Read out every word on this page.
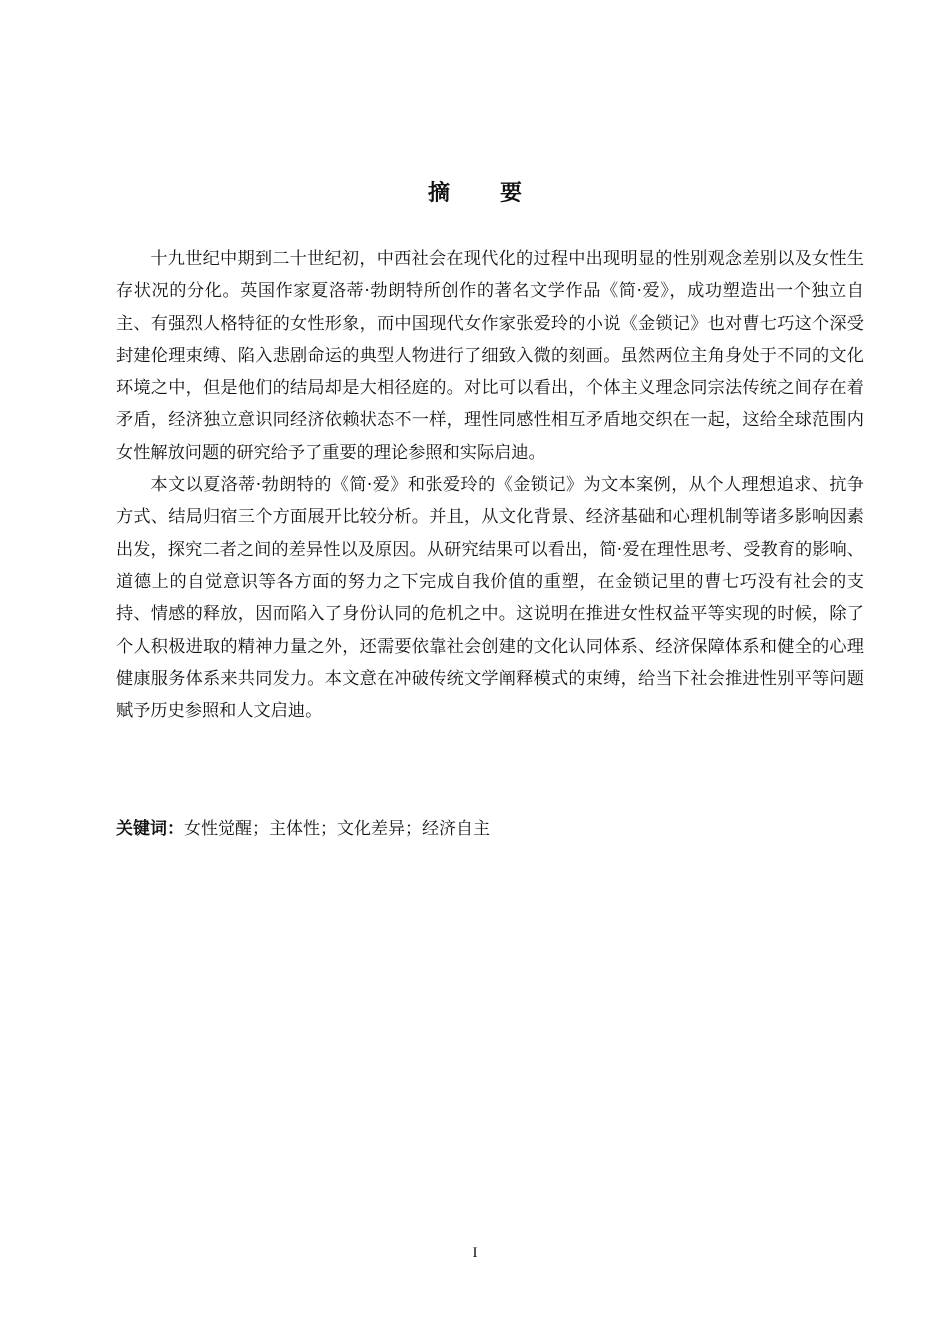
摘 要

十九世纪中期到二十世纪初，中西社会在现代化的过程中出现明显的性别观念差别以及女性生存状况的分化。英国作家夏洛蒂·勃朗特所创作的著名文学作品《简·爱》，成功塑造出一个独立自主、有强烈人格特征的女性形象，而中国现代女作家张爱玲的小说《金锁记》也对曹七巧这个深受封建伦理束缚、陷入悲剧命运的典型人物进行了细致入微的刻画。虽然两位主角身处于不同的文化环境之中，但是他们的结局却是大相径庭的。对比可以看出，个体主义理念同宗法传统之间存在着矛盾，经济独立意识同经济依赖状态不一样，理性同感性相互矛盾地交织在一起，这给全球范围内女性解放问题的研究给予了重要的理论参照和实际启迪。

本文以夏洛蒂·勃朗特的《简·爱》和张爱玲的《金锁记》为文本案例，从个人理想追求、抗争方式、结局归宿三个方面展开比较分析。并且，从文化背景、经济基础和心理机制等诸多影响因素出发，探究二者之间的差异性以及原因。从研究结果可以看出，简·爱在理性思考、受教育的影响、道德上的自觉意识等各方面的努力之下完成自我价值的重塑，在金锁记里的曹七巧没有社会的支持、情感的释放，因而陷入了身份认同的危机之中。这说明在推进女性权益平等实现的时候，除了个人积极进取的精神力量之外，还需要依靠社会创建的文化认同体系、经济保障体系和健全的心理健康服务体系来共同发力。本文意在冲破传统文学阐释模式的束缚，给当下社会推进性别平等问题赋予历史参照和人文启迪。

关键词：女性觉醒；主体性；文化差异；经济自主

I
